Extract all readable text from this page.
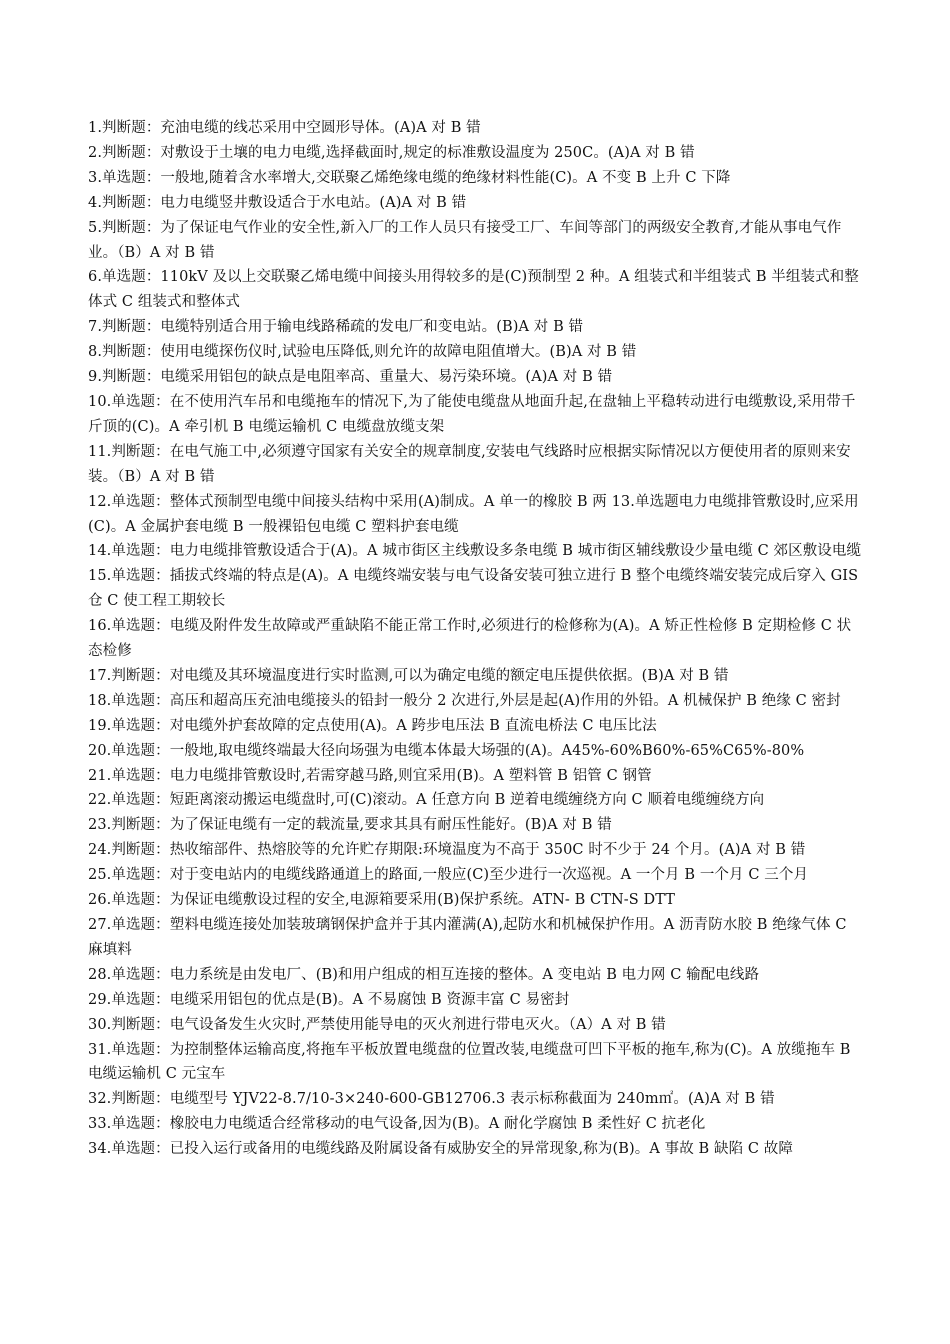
1.判断题：充油电缆的线芯采用中空圆形导体。(A)A 对 B 错

2.判断题：对敷设于土壤的电力电缆,选择截面时,规定的标准敷设温度为 250C。(A)A 对 B 错

3.单选题：一般地,随着含水率增大,交联聚乙烯绝缘电缆的绝缘材料性能(C)。A 不变 B 上升 C 下降

4.判断题：电力电缆竖井敷设适合于水电站。(A)A 对 B 错

5.判断题：为了保证电气作业的安全性,新入厂的工作人员只有接受工厂、车间等部门的两级安全教育,才能从事电气作业。（B）A 对 B 错

6.单选题：110kV 及以上交联聚乙烯电缆中间接头用得较多的是(C)预制型 2 种。A 组装式和半组装式 B 半组装式和整体式 C 组装式和整体式

7.判断题：电缆特别适合用于输电线路稀疏的发电厂和变电站。(B)A 对 B 错

8.判断题：使用电缆探伤仪时,试验电压降低,则允许的故障电阻值增大。(B)A 对 B 错

9.判断题：电缆采用铝包的缺点是电阻率高、重量大、易污染环境。(A)A 对 B 错

10.单选题：在不使用汽车吊和电缆拖车的情况下,为了能使电缆盘从地面升起,在盘轴上平稳转动进行电缆敷设,采用带千斤顶的(C)。A 牵引机 B 电缆运输机 C 电缆盘放缆支架

11.判断题：在电气施工中,必须遵守国家有关安全的规章制度,安装电气线路时应根据实际情况以方便使用者的原则来安装。（B）A 对 B 错

12.单选题：整体式预制型电缆中间接头结构中采用(A)制成。A 单一的橡胶 B 两 13.单选题电力电缆排管敷设时,应采用(C)。A 金属护套电缆 B 一般裸铅包电缆 C 塑料护套电缆

14.单选题：电力电缆排管敷设适合于(A)。A 城市街区主线敷设多条电缆 B 城市街区辅线敷设少量电缆 C 郊区敷设电缆

15.单选题：插拔式终端的特点是(A)。A 电缆终端安装与电气设备安装可独立进行 B 整个电缆终端安装完成后穿入 GIS 仓 C 使工程工期较长

16.单选题：电缆及附件发生故障或严重缺陷不能正常工作时,必须进行的检修称为(A)。A 矫正性检修 B 定期检修 C 状态检修

17.判断题：对电缆及其环境温度进行实时监测,可以为确定电缆的额定电压提供依据。(B)A 对 B 错

18.单选题：高压和超高压充油电缆接头的铅封一般分 2 次进行,外层是起(A)作用的外铅。A 机械保护 B 绝缘 C 密封

19.单选题：对电缆外护套故障的定点使用(A)。A 跨步电压法 B 直流电桥法 C 电压比法

20.单选题：一般地,取电缆终端最大径向场强为电缆本体最大场强的(A)。A45%-60%B60%-65%C65%-80%

21.单选题：电力电缆排管敷设时,若需穿越马路,则宜采用(B)。A 塑料管 B 铝管 C 钢管

22.单选题：短距离滚动搬运电缆盘时,可(C)滚动。A 任意方向 B 逆着电缆缠绕方向 C 顺着电缆缠绕方向

23.判断题：为了保证电缆有一定的载流量,要求其具有耐压性能好。(B)A 对 B 错

24.判断题：热收缩部件、热熔胶等的允许贮存期限:环境温度为不高于 350C 时不少于 24 个月。(A)A 对 B 错

25.单选题：对于变电站内的电缆线路通道上的路面,一般应(C)至少进行一次巡视。A 一个月 B 一个月 C 三个月

26.单选题：为保证电缆敷设过程的安全,电源箱要采用(B)保护系统。ATN- B CTN-S DTT

27.单选题：塑料电缆连接处加装玻璃钢保护盒并于其内灌满(A),起防水和机械保护作用。A 沥青防水胶 B 绝缘气体 C 麻填料

28.单选题：电力系统是由发电厂、(B)和用户组成的相互连接的整体。A 变电站 B 电力网 C 输配电线路

29.单选题：电缆采用铝包的优点是(B)。A 不易腐蚀 B 资源丰富 C 易密封

30.判断题：电气设备发生火灾时,严禁使用能导电的灭火剂进行带电灭火。（A）A 对 B 错

31.单选题：为控制整体运输高度,将拖车平板放置电缆盘的位置改装,电缆盘可凹下平板的拖车,称为(C)。A 放缆拖车 B 电缆运输机 C 元宝车

32.判断题：电缆型号 YJV22-8.7/10-3×240-600-GB12706.3 表示标称截面为 240m㎡。(A)A 对 B 错

33.单选题：橡胶电力电缆适合经常移动的电气设备,因为(B)。A 耐化学腐蚀 B 柔性好 C 抗老化

34.单选题：已投入运行或备用的电缆线路及附属设备有威胁安全的异常现象,称为(B)。A 事故 B 缺陷 C 故障
